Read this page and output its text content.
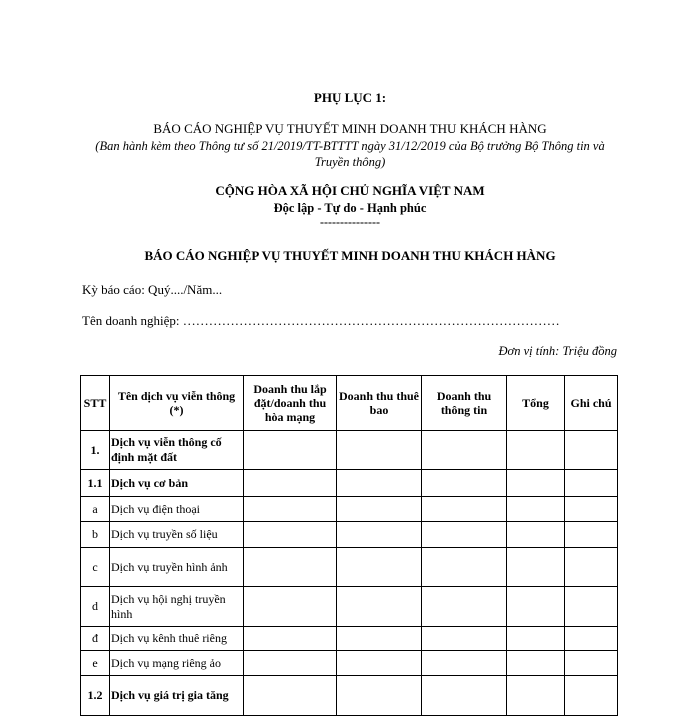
PHỤ LỤC 1:
BÁO CÁO NGHIỆP VỤ THUYẾT MINH DOANH THU KHÁCH HÀNG
(Ban hành kèm theo Thông tư số 21/2019/TT-BTTTT ngày 31/12/2019 của Bộ trưởng Bộ Thông tin và Truyền thông)
CỘNG HÒA XÃ HỘI CHỦ NGHĨA VIỆT NAM
Độc lập - Tự do - Hạnh phúc
---------------
BÁO CÁO NGHIỆP VỤ THUYẾT MINH DOANH THU KHÁCH HÀNG
Kỳ báo cáo: Quý..../Năm...
Tên doanh nghiệp: ……………………………………………………………………………
Đơn vị tính: Triệu đồng
STT	Tên dịch vụ viễn thông (*)	Doanh thu lắp đặt/doanh thu hòa mạng	Doanh thu thuê bao	Doanh thu thông tin	Tổng	Ghi chú
1.	Dịch vụ viễn thông cố định mặt đất					
1.1	Dịch vụ cơ bản					
a	Dịch vụ điện thoại					
b	Dịch vụ truyền số liệu					
c	Dịch vụ truyền hình ảnh					
d	Dịch vụ hội nghị truyền hình					
đ	Dịch vụ kênh thuê riêng					
e	Dịch vụ mạng riêng ảo					
1.2	Dịch vụ giá trị gia tăng					
